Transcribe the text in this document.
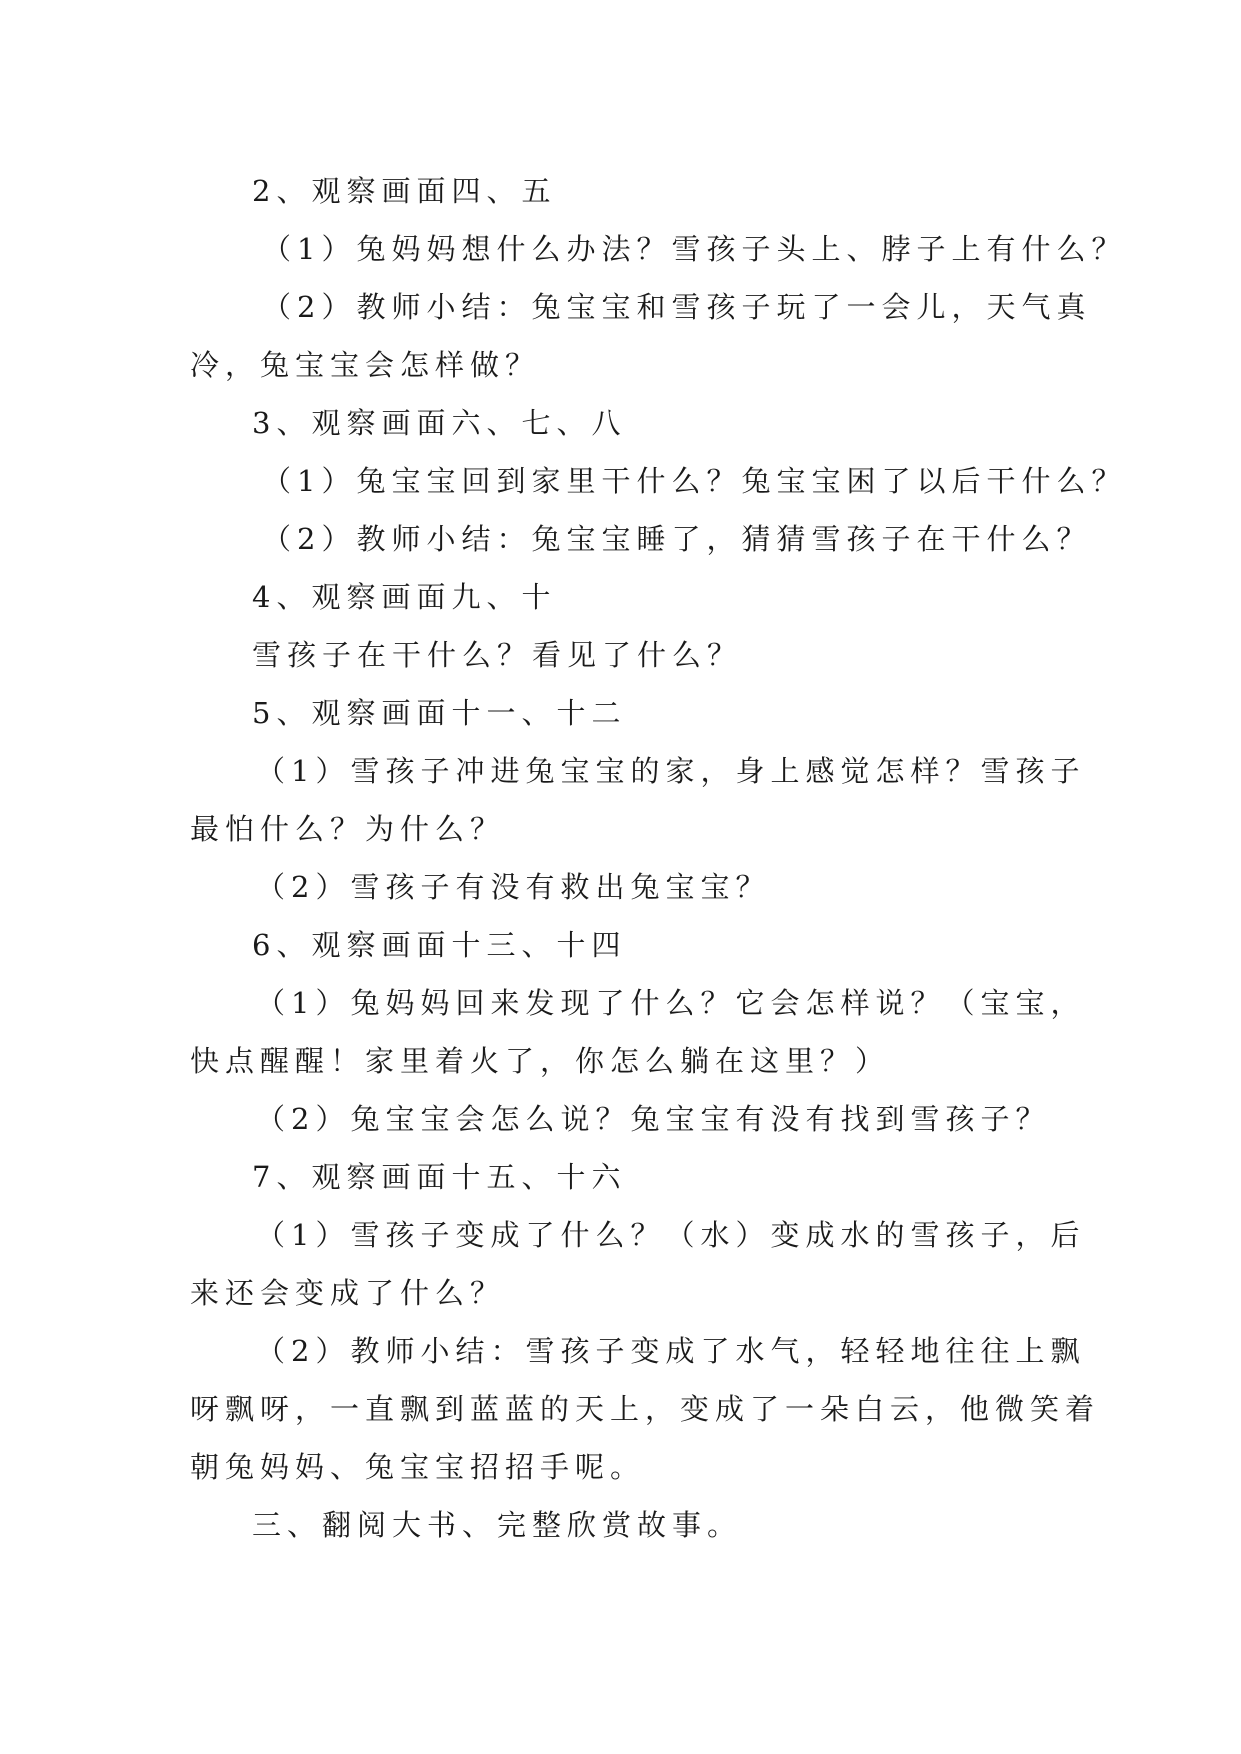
2、观察画面四、五
（1）兔妈妈想什么办法？雪孩子头上、脖子上有什么？
（2）教师小结：兔宝宝和雪孩子玩了一会儿，天气真
冷，兔宝宝会怎样做？
3、观察画面六、七、八
（1）兔宝宝回到家里干什么？兔宝宝困了以后干什么？
（2）教师小结：兔宝宝睡了，猜猜雪孩子在干什么？
4、观察画面九、十
雪孩子在干什么？看见了什么？
5、观察画面十一、十二
（1）雪孩子冲进兔宝宝的家，身上感觉怎样？雪孩子
最怕什么？为什么？
（2）雪孩子有没有救出兔宝宝？
6、观察画面十三、十四
（1）兔妈妈回来发现了什么？它会怎样说？（宝宝，
快点醒醒！家里着火了，你怎么躺在这里？）
（2）兔宝宝会怎么说？兔宝宝有没有找到雪孩子？
7、观察画面十五、十六
（1）雪孩子变成了什么？（水）变成水的雪孩子，后
来还会变成了什么？
（2）教师小结：雪孩子变成了水气，轻轻地往往上飘
呀飘呀，一直飘到蓝蓝的天上，变成了一朵白云，他微笑着
朝兔妈妈、兔宝宝招招手呢。
三、翻阅大书、完整欣赏故事。
